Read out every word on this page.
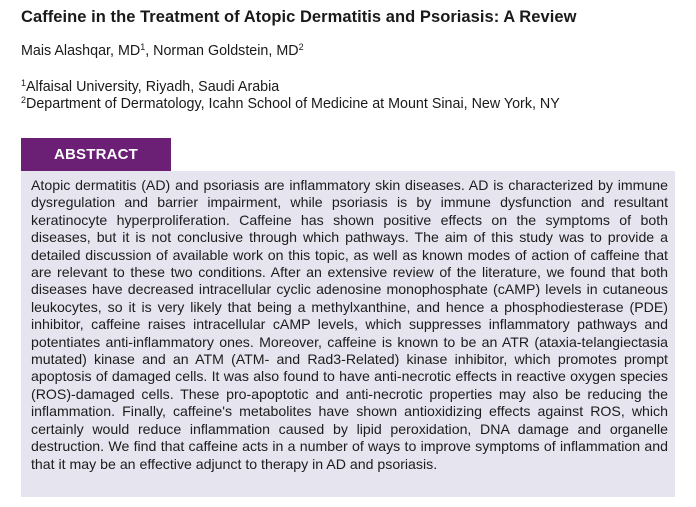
Caffeine in the Treatment of Atopic Dermatitis and Psoriasis: A Review
Mais Alashqar, $MD^1$, Norman Goldstein, $MD^2$
$^1$Alfaisal University, Riyadh, Saudi Arabia
$^2$Department of Dermatology, Icahn School of Medicine at Mount Sinai, New York, NY
ABSTRACT

Atopic dermatitis (AD) and psoriasis are inflammatory skin diseases. AD is characterized by immune dysregulation and barrier impairment, while psoriasis is by immune dysfunction and resultant keratinocyte hyperproliferation. Caffeine has shown positive effects on the symptoms of both diseases, but it is not conclusive through which pathways. The aim of this study was to provide a detailed discussion of available work on this topic, as well as known modes of action of caffeine that are relevant to these two conditions. After an extensive review of the literature, we found that both diseases have decreased intracellular cyclic adenosine monophosphate (cAMP) levels in cutaneous leukocytes, so it is very likely that being a methylxanthine, and hence a phosphodiesterase (PDE) inhibitor, caffeine raises intracellular cAMP levels, which suppresses inflammatory pathways and potentiates anti-inflammatory ones. Moreover, caffeine is known to be an ATR (ataxia-telangiectasia mutated) kinase and an ATM (ATM- and Rad3-Related) kinase inhibitor, which promotes prompt apoptosis of damaged cells. It was also found to have anti-necrotic effects in reactive oxygen species (ROS)-damaged cells. These pro-apoptotic and anti-necrotic properties may also be reducing the inflammation. Finally, caffeine's metabolites have shown antioxidizing effects against ROS, which certainly would reduce inflammation caused by lipid peroxidation, DNA damage and organelle destruction. We find that caffeine acts in a number of ways to improve symptoms of inflammation and that it may be an effective adjunct to therapy in AD and psoriasis.
